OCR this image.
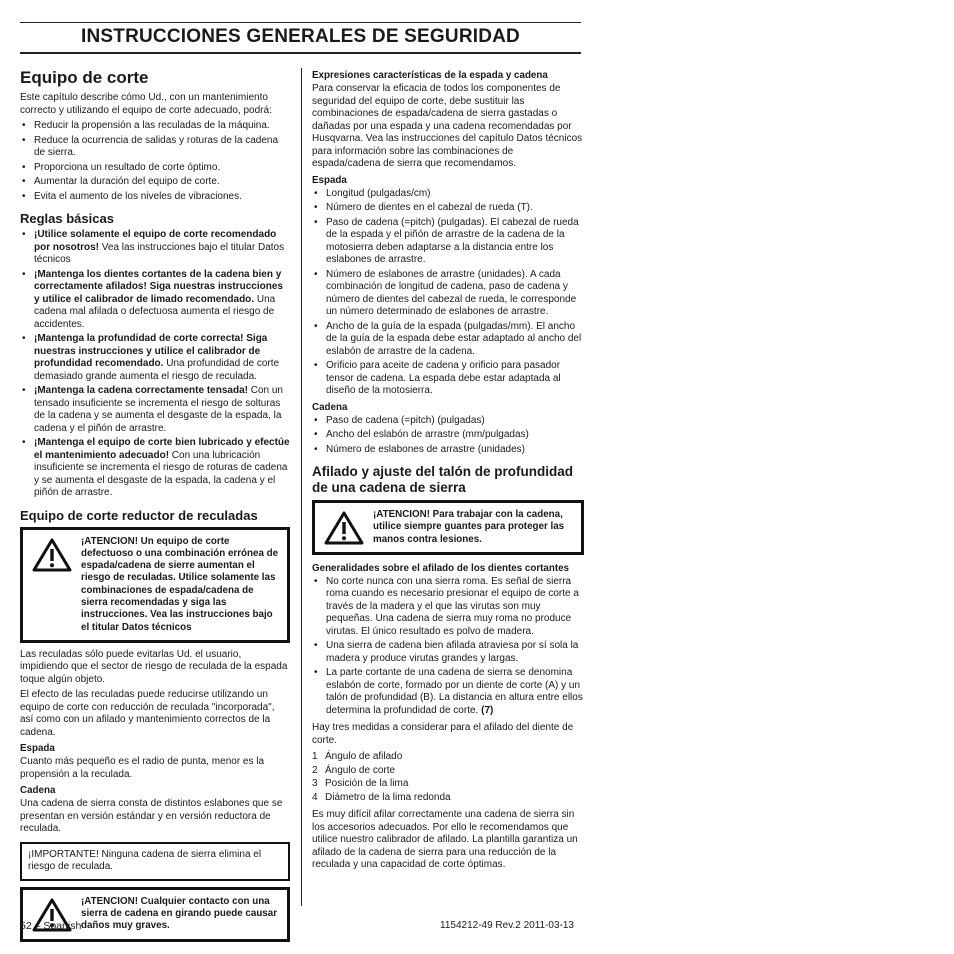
INSTRUCCIONES GENERALES DE SEGURIDAD
Equipo de corte

Este capítulo describe cómo Ud., con un mantenimiento correcto y utilizando el equipo de corte adecuado, podrá:

• Reducir la propensión a las reculadas de la máquina.
• Reduce la ocurrencia de salidas y roturas de la cadena de sierra.
• Proporciona un resultado de corte óptimo.
• Aumentar la duración del equipo de corte.
• Evita el aumento de los niveles de vibraciones.
Reglas básicas
• ¡Utilice solamente el equipo de corte recomendado por nosotros! Vea las instrucciones bajo el titular Datos técnicos
• ¡Mantenga los dientes cortantes de la cadena bien y correctamente afilados! Siga nuestras instrucciones y utilice el calibrador de limado recomendado. Una cadena mal afilada o defectuosa aumenta el riesgo de accidentes.
• ¡Mantenga la profundidad de corte correcta! Siga nuestras instrucciones y utilice el calibrador de profundidad recomendado. Una profundidad de corte demasiado grande aumenta el riesgo de reculada.
• ¡Mantenga la cadena correctamente tensada! Con un tensado insuficiente se incrementa el riesgo de solturas de la cadena y se aumenta el desgaste de la espada, la cadena y el piñón de arrastre.
• ¡Mantenga el equipo de corte bien lubricado y efectúe el mantenimiento adecuado! Con una lubricación insuficiente se incrementa el riesgo de roturas de cadena y se aumenta el desgaste de la espada, la cadena y el piñón de arrastre.
Equipo de corte reductor de reculadas
¡ATENCION! Un equipo de corte defectuoso o una combinación errónea de espada/cadena de sierre aumentan el riesgo de reculadas. Utilice solamente las combinaciones de espada/cadena de sierra recomendadas y siga las instrucciones. Vea las instrucciones bajo el titular Datos técnicos

Las reculadas sólo puede evitarlas Ud. el usuario, impidiendo que el sector de riesgo de reculada de la espada toque algún objeto.

El efecto de las reculadas puede reducirse utilizando un equipo de corte con reducción de reculada "incorporada", así como con un afilado y mantenimiento correctos de la cadena.

Espada

Cuanto más pequeño es el radio de punta, menor es la propensión a la reculada.

Cadena

Una cadena de sierra consta de distintos eslabones que se presentan en versión estándar y en versión reductora de reculada.

¡IMPORTANTE! Ninguna cadena de sierra elimina el riesgo de reculada.
¡ATENCION! Cualquier contacto con una sierra de cadena en girando puede causar daños muy graves.
Expresiones características de la espada y cadena

Para conservar la eficacia de todos los componentes de seguridad del equipo de corte, debe sustituir las combinaciones de espada/cadena de sierra gastadas o dañadas por una espada y una cadena recomendadas por Husqvarna. Vea las instrucciones del capítulo Datos técnicos para información sobre las combinaciones de espada/cadena de sierra que recomendamos.

Espada
• Longitud (pulgadas/cm)
• Número de dientes en el cabezal de rueda (T).
• Paso de cadena (=pitch) (pulgadas). El cabezal de rueda de la espada y el piñón de arrastre de la cadena de la motosierra deben adaptarse a la distancia entre los eslabones de arrastre.
• Número de eslabones de arrastre (unidades). A cada combinación de longitud de cadena, paso de cadena y número de dientes del cabezal de rueda, le corresponde un número determinado de eslabones de arrastre.
• Ancho de la guía de la espada (pulgadas/mm). El ancho de la guía de la espada debe estar adaptado al ancho del eslabón de arrastre de la cadena.
• Orificio para aceite de cadena y orificio para pasador tensor de cadena. La espada debe estar adaptada al diseño de la motosierra.
Cadena
• Paso de cadena (=pitch) (pulgadas)
• Ancho del eslabón de arrastre (mm/pulgadas)
• Número de eslabones de arrastre (unidades)
Afilado y ajuste del talón de profundidad de una cadena de sierra
¡ATENCION! Para trabajar con la cadena, utilice siempre guantes para proteger las manos contra lesiones.
Generalidades sobre el afilado de los dientes cortantes
• No corte nunca con una sierra roma. Es señal de sierra roma cuando es necesario presionar el equipo de corte a través de la madera y el que las virutas son muy pequeñas. Una cadena de sierra muy roma no produce virutas. El único resultado es polvo de madera.
• Una sierra de cadena bien afilada atraviesa por sí sola la madera y produce virutas grandes y largas.
• La parte cortante de una cadena de sierra se denomina eslabón de corte, formado por un diente de corte (A) y un talón de profundidad (B). La distancia en altura entre ellos determina la profundidad de corte. (7)

Hay tres medidas a considerar para el afilado del diente de corte.

1 Ángulo de afilado
2 Ángulo de corte
3 Posición de la lima
4 Diámetro de la lima redonda

Es muy difícil afilar correctamente una cadena de sierra sin los accesorios adecuados. Por ello le recomendamos que utilice nuestro calibrador de afilado. La plantilla garantiza un afilado de la cadena de sierra para una reducción de la reculada y una capacidad de corte óptimas.

52 – Spanish	1154212-49 Rev.2 2011-03-13
